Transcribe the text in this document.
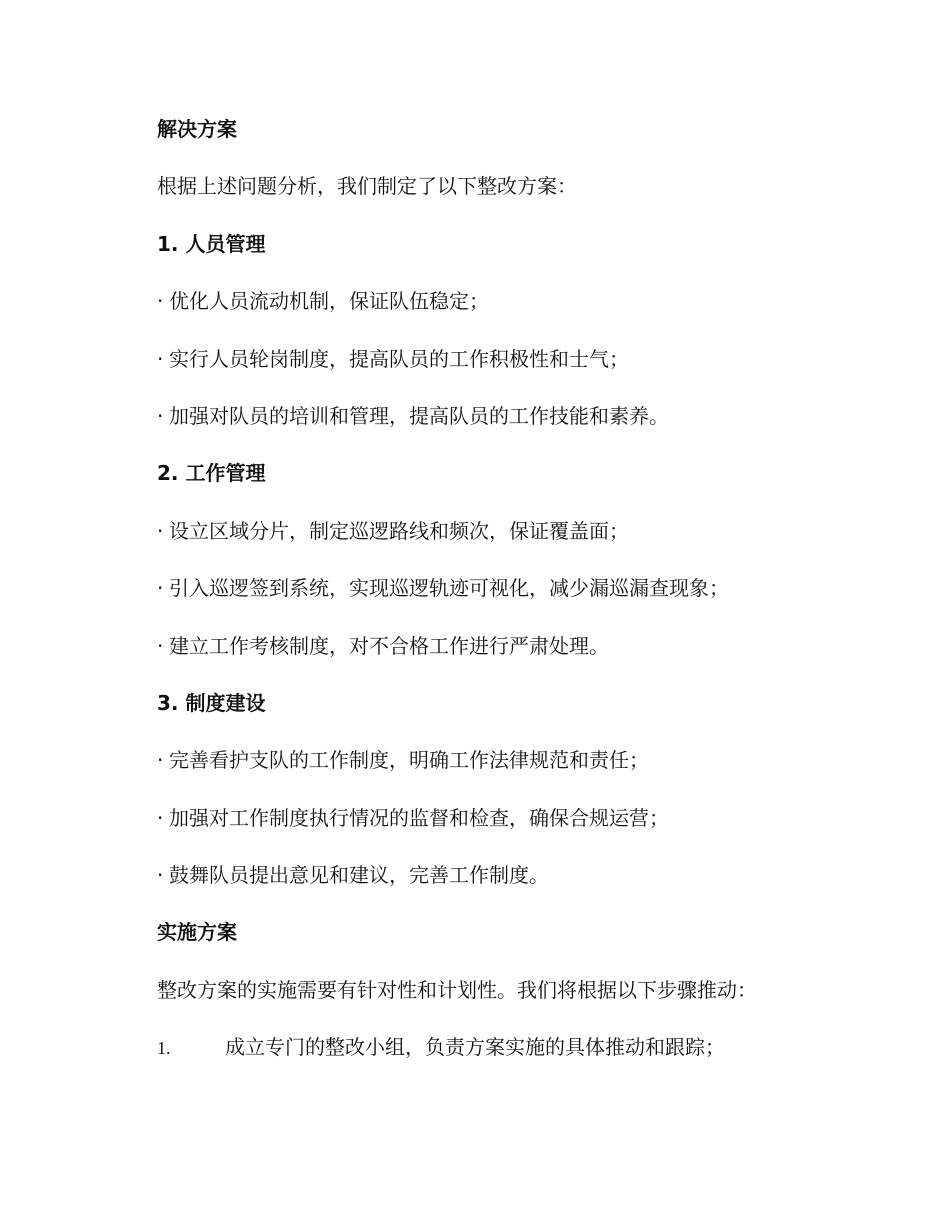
解决方案
根据上述问题分析，我们制定了以下整改方案：
1. 人员管理
· 优化人员流动机制，保证队伍稳定；
· 实行人员轮岗制度，提高队员的工作积极性和士气；
· 加强对队员的培训和管理，提高队员的工作技能和素养。
2. 工作管理
· 设立区域分片，制定巡逻路线和频次，保证覆盖面；
· 引入巡逻签到系统，实现巡逻轨迹可视化，减少漏巡漏查现象；
· 建立工作考核制度，对不合格工作进行严肃处理。
3. 制度建设
· 完善看护支队的工作制度，明确工作法律规范和责任；
· 加强对工作制度执行情况的监督和检查，确保合规运营；
· 鼓舞队员提出意见和建议，完善工作制度。
实施方案
整改方案的实施需要有针对性和计划性。我们将根据以下步骤推动：
1.	成立专门的整改小组，负责方案实施的具体推动和跟踪；
